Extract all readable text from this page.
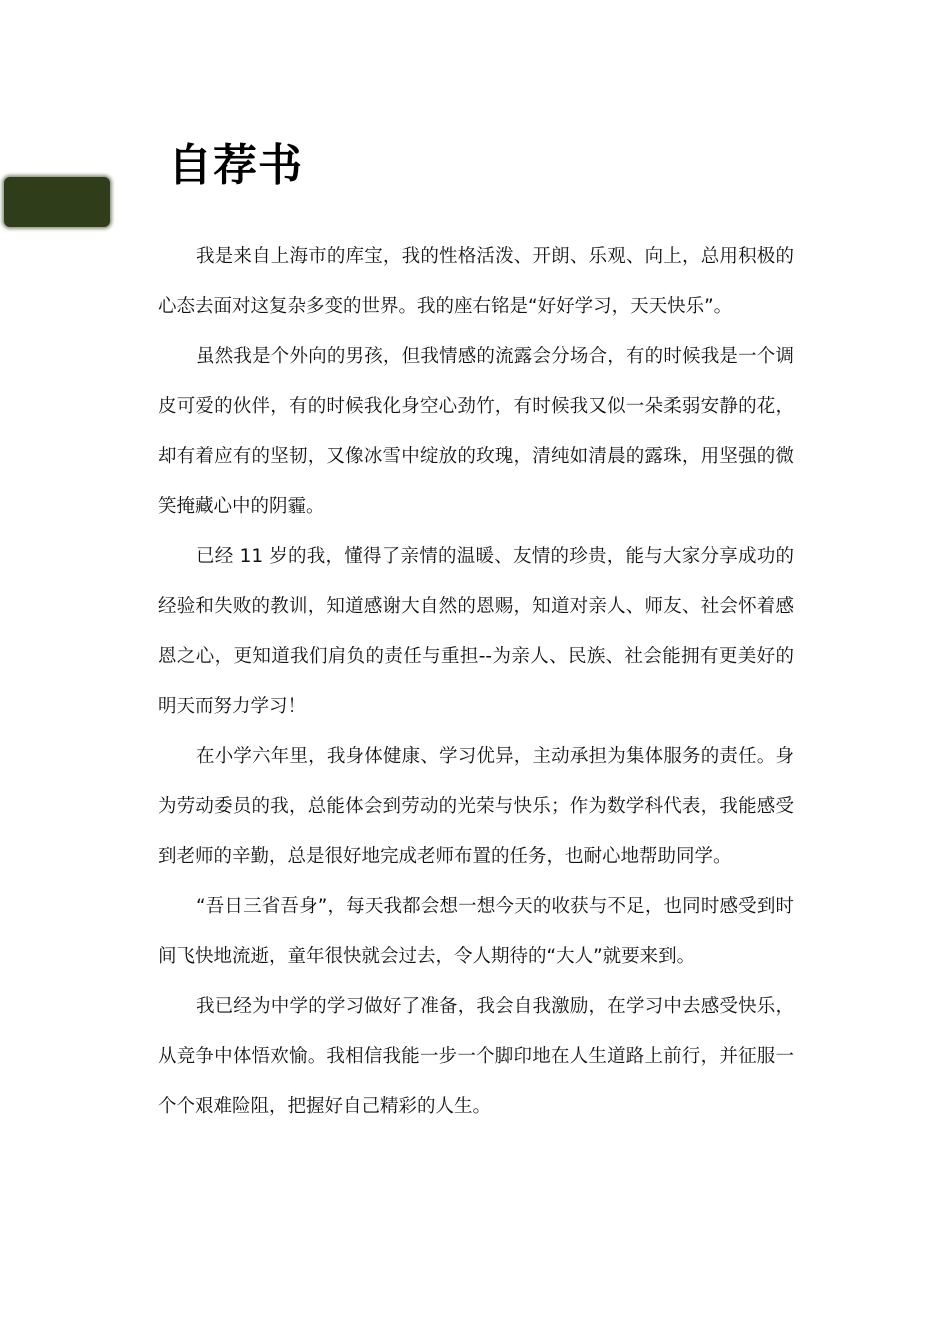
自荐书

我是来自上海市的库宝，我的性格活泼、开朗、乐观、向上，总用积极的心态去面对这复杂多变的世界。我的座右铭是“好好学习，天天快乐”。

虽然我是个外向的男孩，但我情感的流露会分场合，有的时候我是一个调皮可爱的伙伴，有的时候我化身空心劲竹，有时候我又似一朵柔弱安静的花，却有着应有的坚韧，又像冰雪中绽放的玫瑰，清纯如清晨的露珠，用坚强的微笑掩藏心中的阴霾。

已经 11 岁的我，懂得了亲情的温暖、友情的珍贵，能与大家分享成功的经验和失败的教训，知道感谢大自然的恩赐，知道对亲人、师友、社会怀着感恩之心，更知道我们肩负的责任与重担--为亲人、民族、社会能拥有更美好的明天而努力学习！

在小学六年里，我身体健康、学习优异，主动承担为集体服务的责任。身为劳动委员的我，总能体会到劳动的光荣与快乐；作为数学科代表，我能感受到老师的辛勤，总是很好地完成老师布置的任务，也耐心地帮助同学。

“吾日三省吾身”，每天我都会想一想今天的收获与不足，也同时感受到时间飞快地流逝，童年很快就会过去，令人期待的“大人”就要来到。

我已经为中学的学习做好了准备，我会自我激励，在学习中去感受快乐，从竞争中体悟欢愉。我相信我能一步一个脚印地在人生道路上前行，并征服一个个艰难险阻，把握好自己精彩的人生。
